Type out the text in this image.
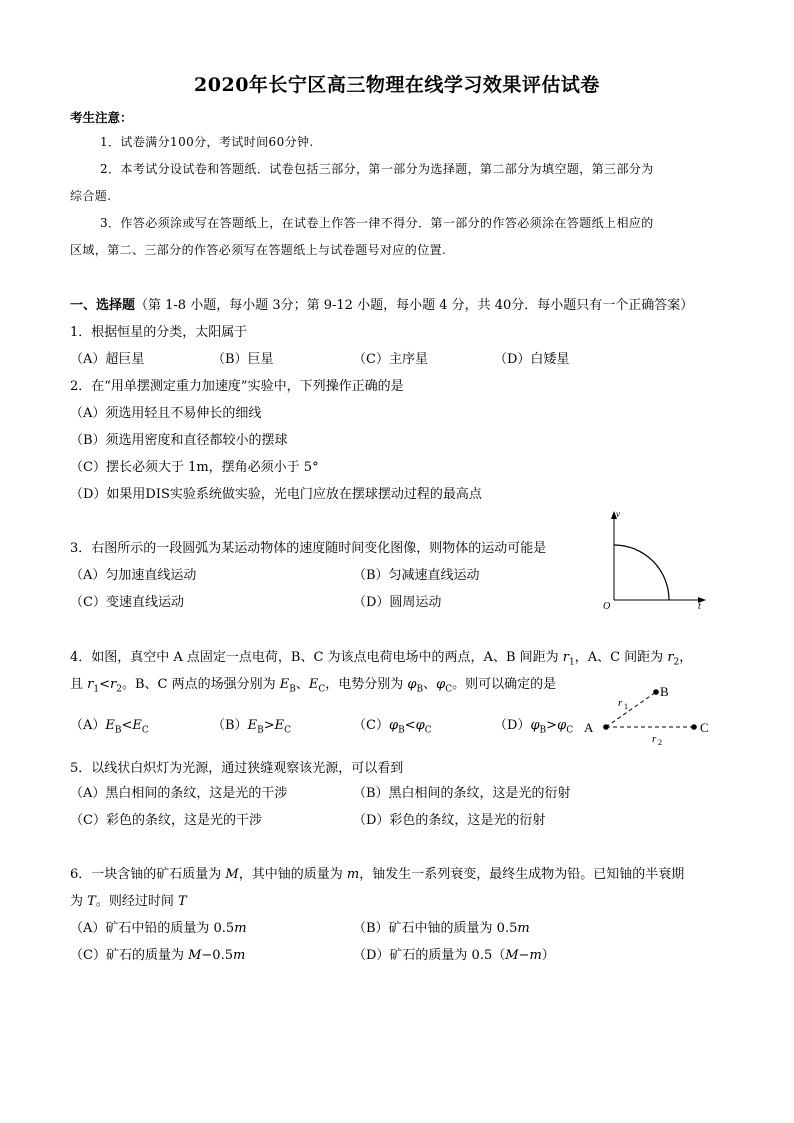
2020年长宁区高三物理在线学习效果评估试卷
考生注意：
1．试卷满分100分，考试时间60分钟.
2．本考试分设试卷和答题纸．试卷包括三部分，第一部分为选择题，第二部分为填空题，第三部分为
综合题.
3．作答必须涂或写在答题纸上，在试卷上作答一律不得分．第一部分的作答必须涂在答题纸上相应的
区域，第二、三部分的作答必须写在答题纸上与试卷题号对应的位置.
一、选择题（第 1-8 小题，每小题 3分；第 9-12 小题，每小题 4 分，共 40分．每小题只有一个正确答案）
1．根据恒星的分类，太阳属于
（A）超巨星	（B）巨星	（C）主序星	（D）白矮星
2．在“用单摆测定重力加速度”实验中，下列操作正确的是
（A）须选用轻且不易伸长的细线
（B）须选用密度和直径都较小的摆球
（C）摆长必须大于 1m，摆角必须小于 5°
（D）如果用DIS实验系统做实验，光电门应放在摆球摆动过程的最高点
3．右图所示的一段圆弧为某运动物体的速度随时间变化图像，则物体的运动可能是
（A）匀加速直线运动	（B）匀减速直线运动
（C）变速直线运动	（D）圆周运动
v
t
O
4．如图，真空中 A 点固定一点电荷，B、C 为该点电荷电场中的两点，A、B 间距为 $r_1$，A、C 间距为 $r_2$，
且 $r_1<r_2$。B、C 两点的场强分别为 $E_B$、$E_C$，电势分别为 $\varphi_B$、$\varphi_C$。则可以确定的是
$(A)E_B<E_C$	$(B)E_B>E_C$	$(C)\varphi_B<\varphi_C$	$(D)\varphi_B>\varphi_C$ A
B
C
r 1
r 2
5．以线状白炽灯为光源，通过狭缝观察该光源，可以看到
（A）黑白相间的条纹，这是光的干涉	（B）黑白相间的条纹，这是光的衍射
（C）彩色的条纹，这是光的干涉	（D）彩色的条纹，这是光的衍射
6．一块含铀的矿石质量为 M，其中铀的质量为 m，铀发生一系列衰变，最终生成物为铅。已知铀的半衰期
为 T。则经过时间 T
（A）矿石中铅的质量为 0.5m	（B）矿石中铀的质量为 0.5m
（C）矿石的质量为 M−0.5m	（D）矿石的质量为 0.5（M−m）
